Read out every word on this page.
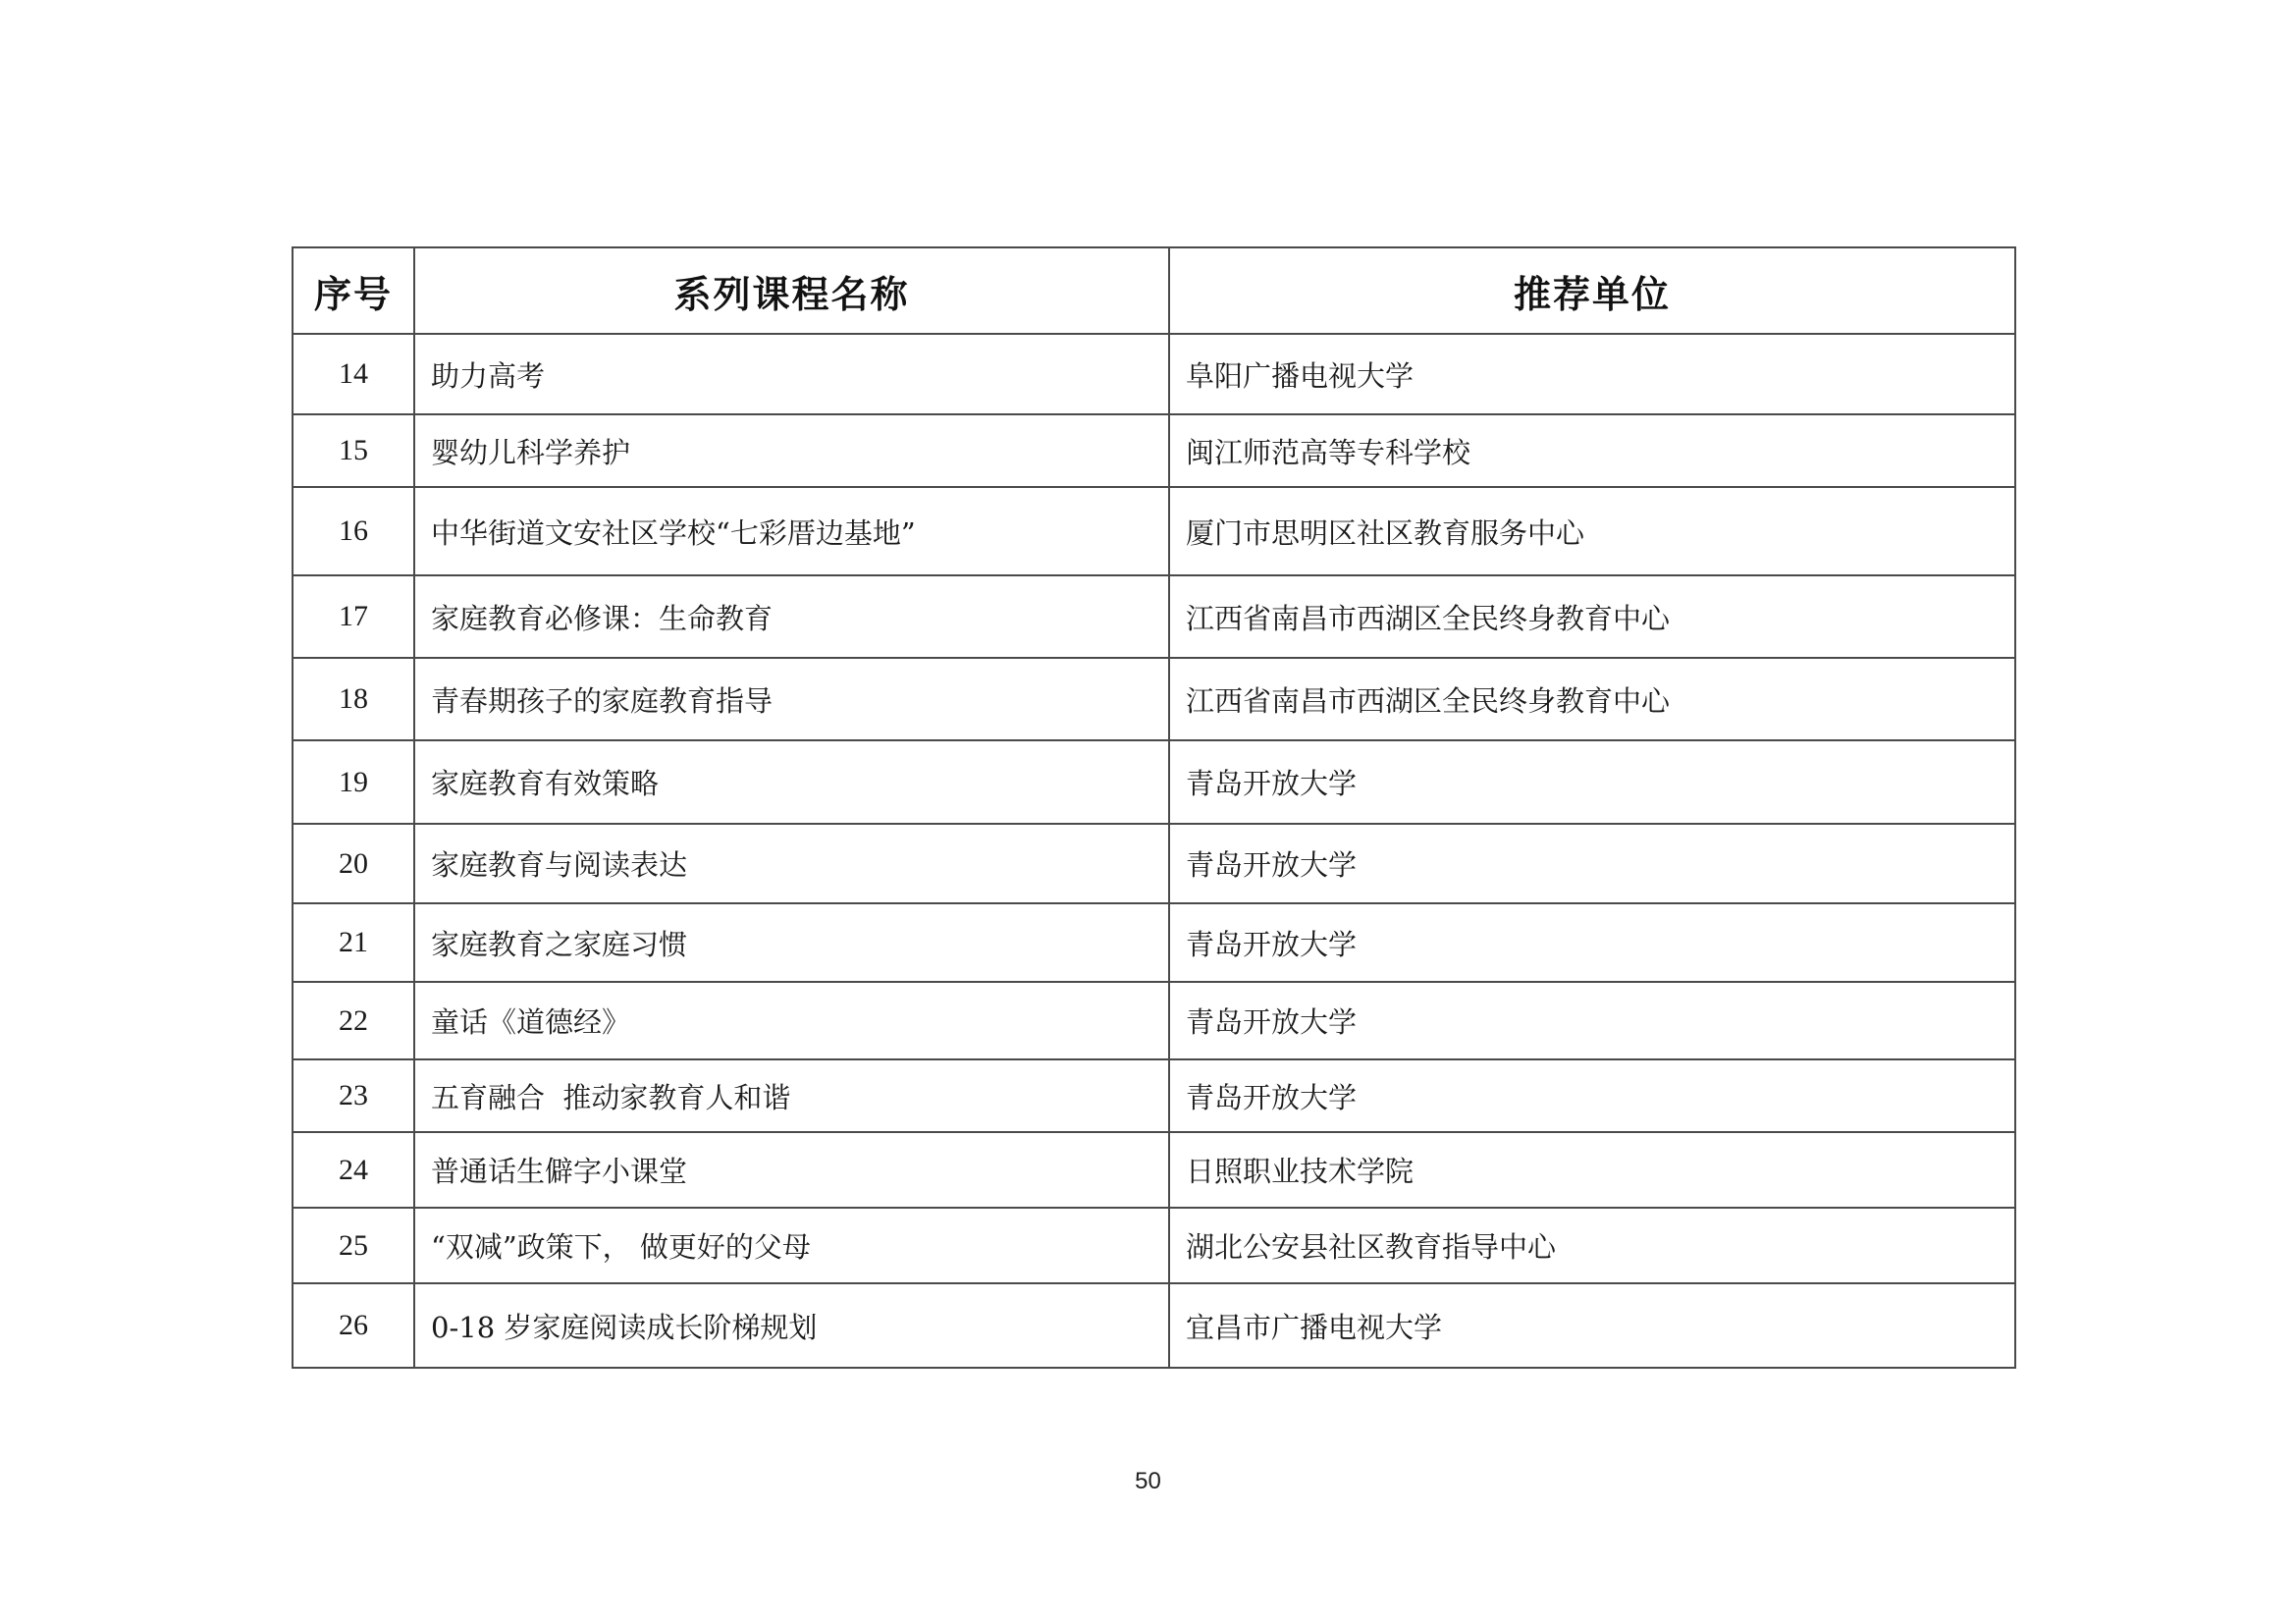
序号	系列课程名称	推荐单位
14	助力高考	阜阳广播电视大学
15	婴幼儿科学养护	闽江师范高等专科学校
16	中华街道文安社区学校“七彩厝边基地”	厦门市思明区社区教育服务中心
17	家庭教育必修课：生命教育	江西省南昌市西湖区全民终身教育中心
18	青春期孩子的家庭教育指导	江西省南昌市西湖区全民终身教育中心
19	家庭教育有效策略	青岛开放大学
20	家庭教育与阅读表达	青岛开放大学
21	家庭教育之家庭习惯	青岛开放大学
22	童话《道德经》	青岛开放大学
23	五育融合  推动家教育人和谐	青岛开放大学
24	普通话生僻字小课堂	日照职业技术学院
25	“双减”政策下， 做更好的父母	湖北公安县社区教育指导中心
26	0-18 岁家庭阅读成长阶梯规划	宜昌市广播电视大学
50
